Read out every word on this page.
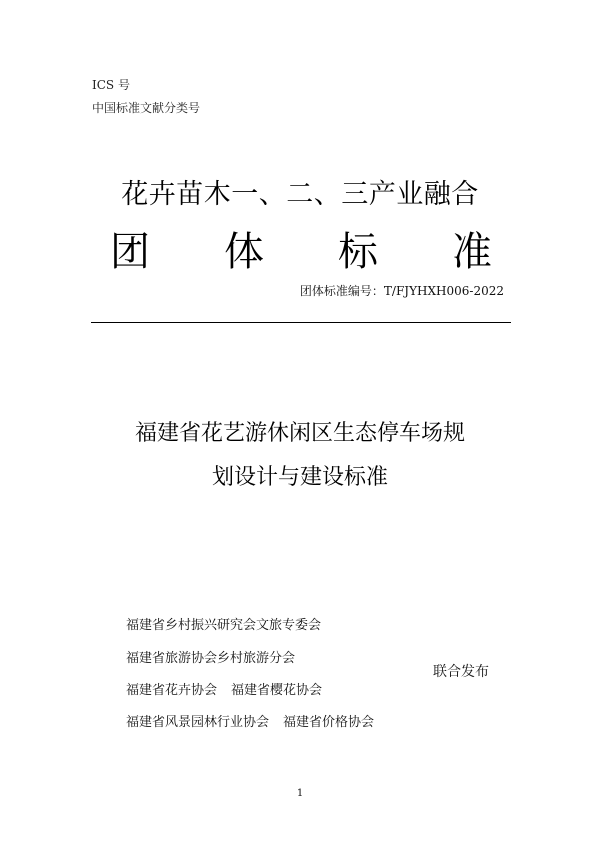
ICS 号
中国标准文献分类号
花卉苗木一、二、三产业融合
团	体	标	准
团体标准编号：T/FJYHXH006-2022
福建省花艺游休闲区生态停车场规
划设计与建设标准
福建省乡村振兴研究会文旅专委会
福建省旅游协会乡村旅游分会
福建省花卉协会 福建省樱花协会
福建省风景园林行业协会 福建省价格协会
联合发布
1
